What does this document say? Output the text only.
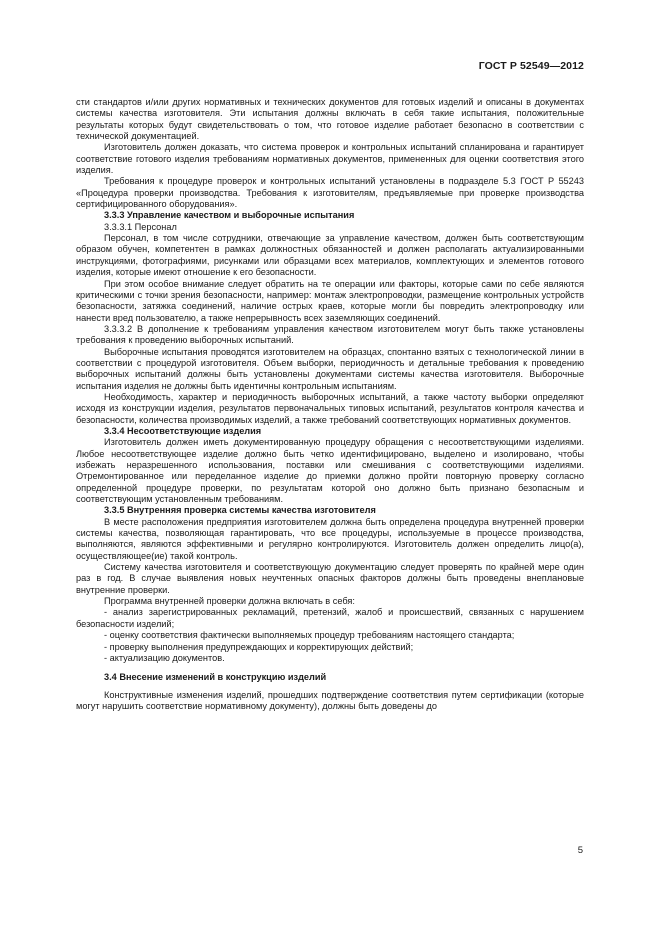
ГОСТ Р 52549—2012

сти стандартов и/или других нормативных и технических документов для готовых изделий и описаны в документах системы качества изготовителя. Эти испытания должны включать в себя такие испытания, положительные результаты которых будут свидетельствовать о том, что готовое изделие работает безопасно в соответствии с технической документацией.

Изготовитель должен доказать, что система проверок и контрольных испытаний спланирована и гарантирует соответствие готового изделия требованиям нормативных документов, примененных для оценки соответствия этого изделия.

Требования к процедуре проверок и контрольных испытаний установлены в подразделе 5.3 ГОСТ Р 55243 «Процедура проверки производства. Требования к изготовителям, предъявляемые при проверке производства сертифицированного оборудования».

3.3.3 Управление качеством и выборочные испытания

3.3.3.1 Персонал

Персонал, в том числе сотрудники, отвечающие за управление качеством, должен быть соответствующим образом обучен, компетентен в рамках должностных обязанностей и должен располагать актуализированными инструкциями, фотографиями, рисунками или образцами всех материалов, комплектующих и элементов готового изделия, которые имеют отношение к его безопасности.

При этом особое внимание следует обратить на те операции или факторы, которые сами по себе являются критическими с точки зрения безопасности, например: монтаж электропроводки, размещение контрольных устройств безопасности, затяжка соединений, наличие острых краев, которые могли бы повредить электропроводку или нанести вред пользователю, а также непрерывность всех заземляющих соединений.

3.3.3.2 В дополнение к требованиям управления качеством изготовителем могут быть также установлены требования к проведению выборочных испытаний.

Выборочные испытания проводятся изготовителем на образцах, спонтанно взятых с технологической линии в соответствии с процедурой изготовителя. Объем выборки, периодичность и детальные требования к проведению выборочных испытаний должны быть установлены документами системы качества изготовителя. Выборочные испытания изделия не должны быть идентичны контрольным испытаниям.

Необходимость, характер и периодичность выборочных испытаний, а также частоту выборки определяют исходя из конструкции изделия, результатов первоначальных типовых испытаний, результатов контроля качества и безопасности, количества производимых изделий, а также требований соответствующих нормативных документов.

3.3.4 Несоответствующие изделия

Изготовитель должен иметь документированную процедуру обращения с несоответствующими изделиями. Любое несоответствующее изделие должно быть четко идентифицировано, выделено и изолировано, чтобы избежать неразрешенного использования, поставки или смешивания с соответствующими изделиями. Отремонтированное или переделанное изделие до приемки должно пройти повторную проверку согласно определенной процедуре проверки, по результатам которой оно должно быть признано безопасным и соответствующим установленным требованиям.

3.3.5 Внутренняя проверка системы качества изготовителя

В месте расположения предприятия изготовителем должна быть определена процедура внутренней проверки системы качества, позволяющая гарантировать, что все процедуры, используемые в процессе производства, выполняются, являются эффективными и регулярно контролируются. Изготовитель должен определить лицо(а), осуществляющее(ие) такой контроль.

Систему качества изготовителя и соответствующую документацию следует проверять по крайней мере один раз в год. В случае выявления новых неучтенных опасных факторов должны быть проведены внеплановые внутренние проверки.

Программа внутренней проверки должна включать в себя:

- анализ зарегистрированных рекламаций, претензий, жалоб и происшествий, связанных с нарушением безопасности изделий;

- оценку соответствия фактически выполняемых процедур требованиям настоящего стандарта;

- проверку выполнения предупреждающих и корректирующих действий;

- актуализацию документов.

3.4 Внесение изменений в конструкцию изделий

Конструктивные изменения изделий, прошедших подтверждение соответствия путем сертификации (которые могут нарушить соответствие нормативному документу), должны быть доведены до

5
